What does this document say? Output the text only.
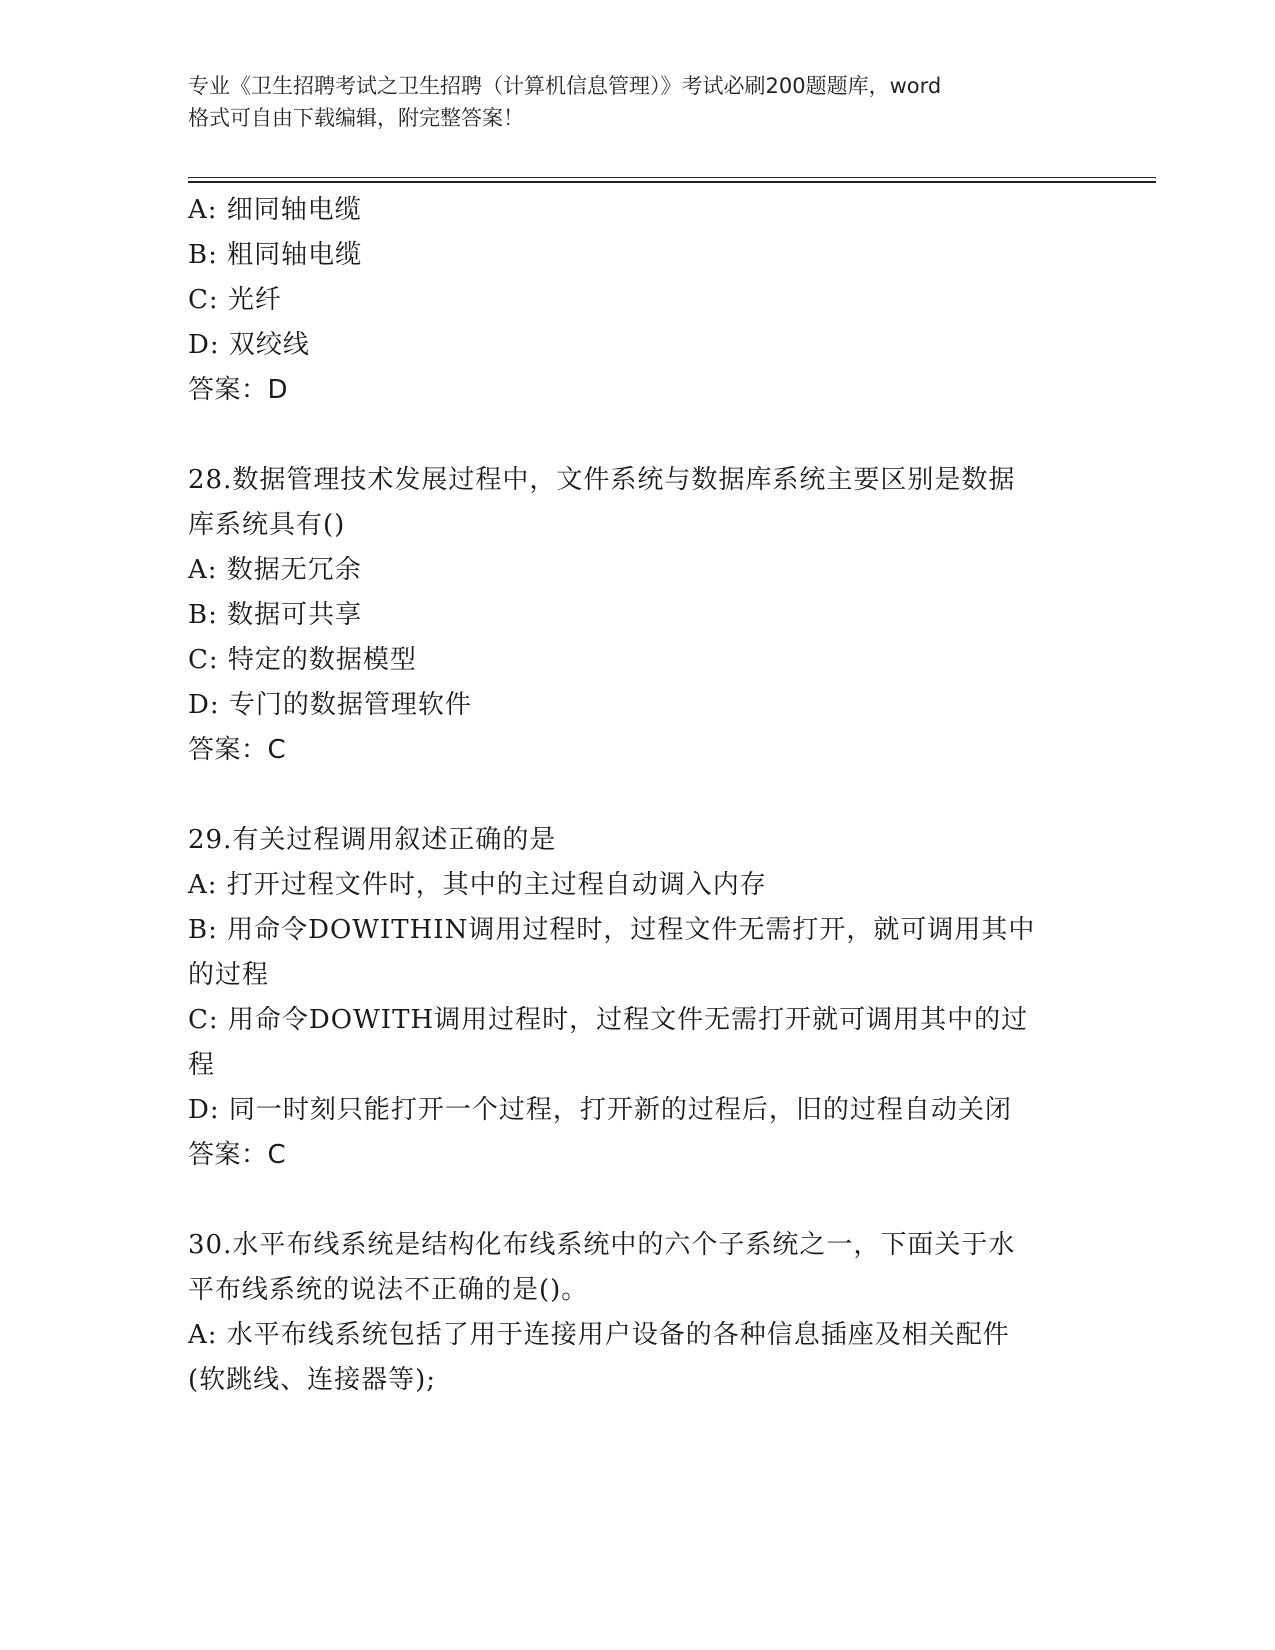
专业《卫生招聘考试之卫生招聘（计算机信息管理）》考试必刷200题题库，word
格式可自由下载编辑，附完整答案！
A: 细同轴电缆
B: 粗同轴电缆
C: 光纤
D: 双绞线
答案：D
28.数据管理技术发展过程中，文件系统与数据库系统主要区别是数据
库系统具有()
A: 数据无冗余
B: 数据可共享
C: 特定的数据模型
D: 专门的数据管理软件
答案：C
29.有关过程调用叙述正确的是
A: 打开过程文件时，其中的主过程自动调入内存
B: 用命令DOWITHIN调用过程时，过程文件无需打开，就可调用其中
的过程
C: 用命令DOWITH调用过程时，过程文件无需打开就可调用其中的过
程
D: 同一时刻只能打开一个过程，打开新的过程后，旧的过程自动关闭
答案：C
30.水平布线系统是结构化布线系统中的六个子系统之一，下面关于水
平布线系统的说法不正确的是()。
A: 水平布线系统包括了用于连接用户设备的各种信息插座及相关配件
(软跳线、连接器等);
